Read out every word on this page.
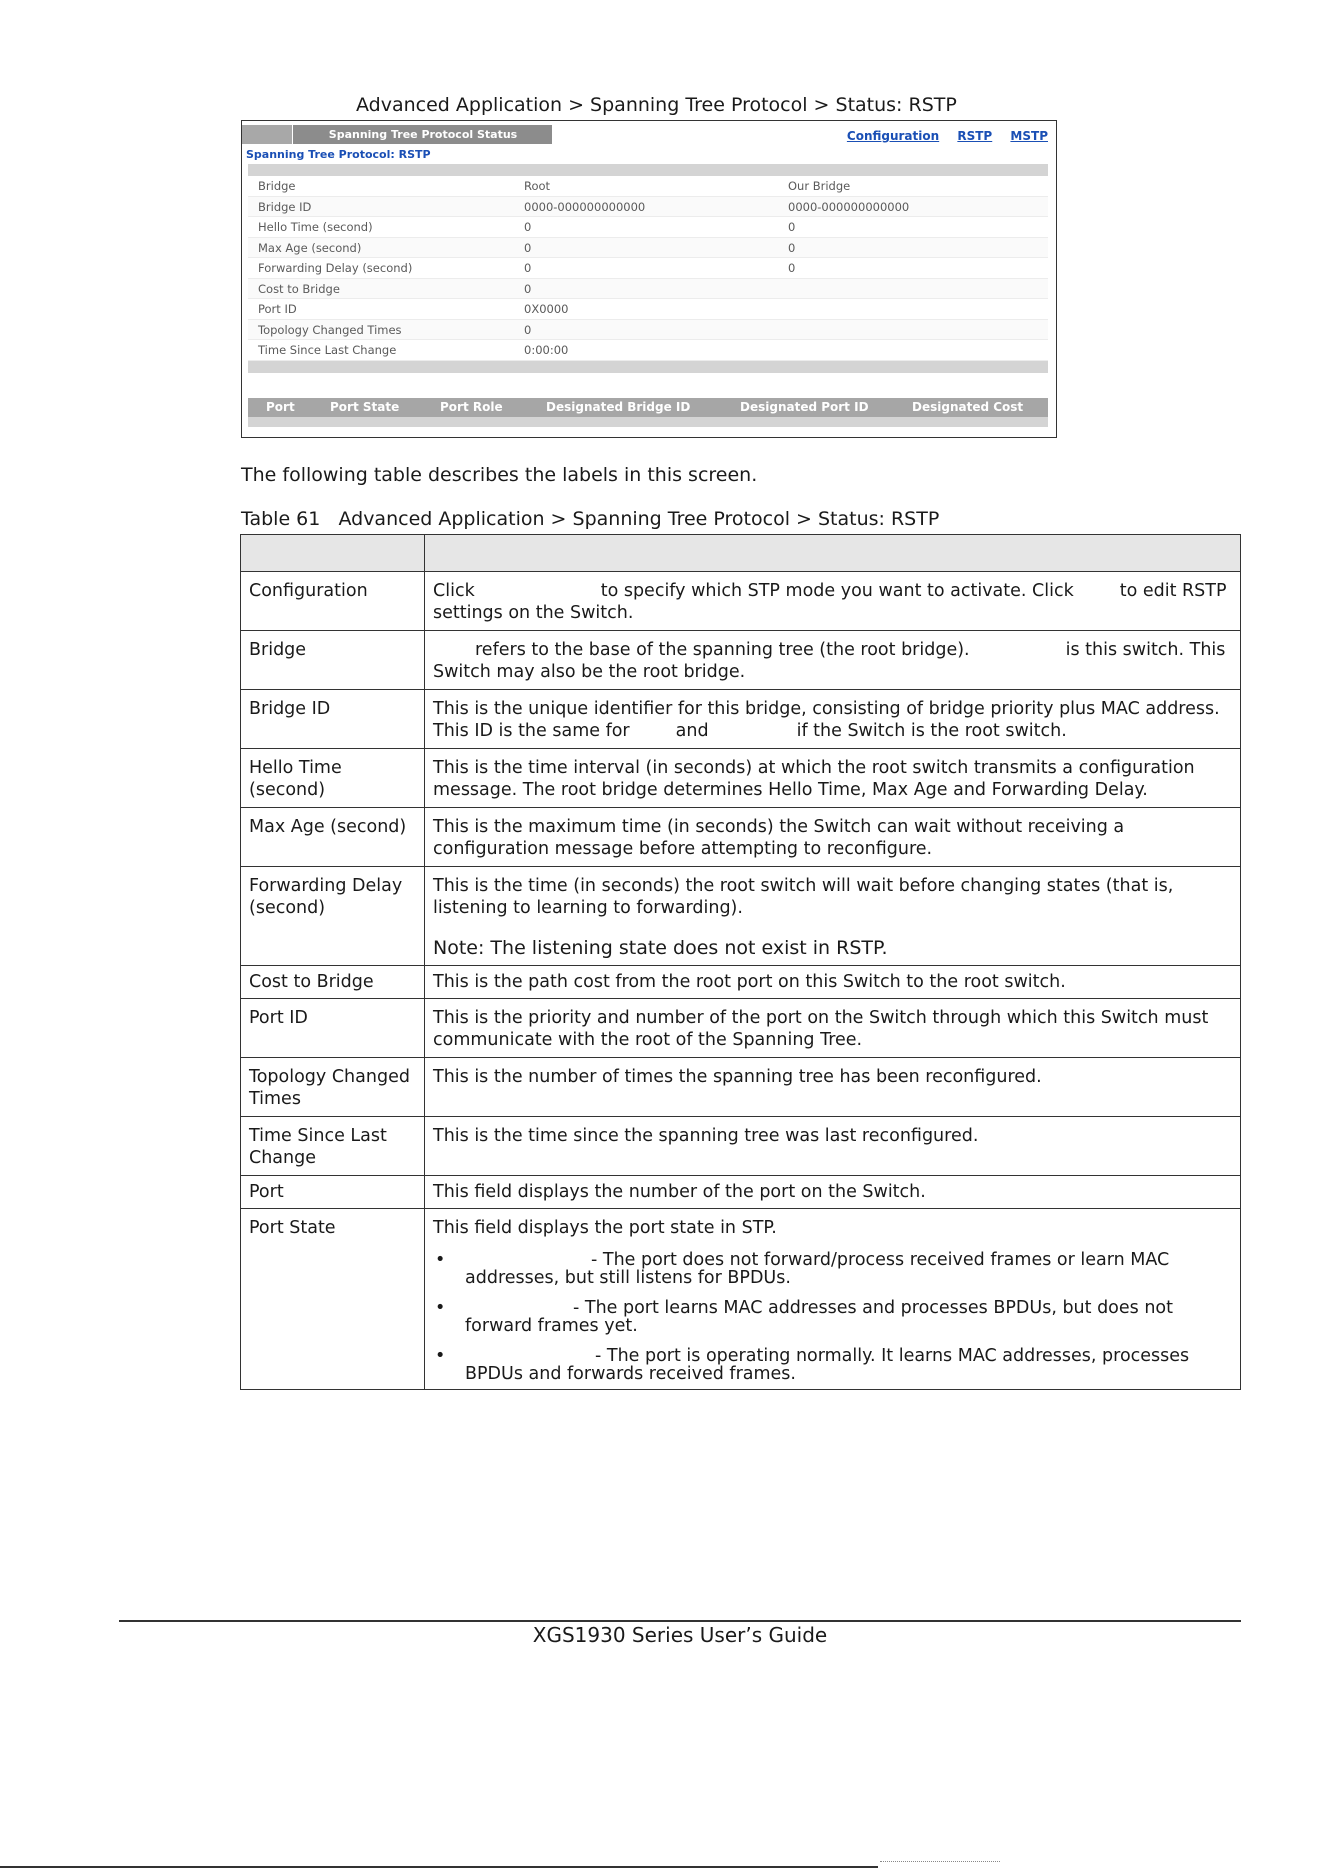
Advanced Application > Spanning Tree Protocol > Status: RSTP
Spanning Tree Protocol Status	Configuration RSTP MSTP
Spanning Tree Protocol: RSTP
Bridge	Root	Our Bridge
Bridge ID	0000-000000000000	0000-000000000000
Hello Time (second)	0	0
Max Age (second)	0	0
Forwarding Delay (second)	0	0
Cost to Bridge	0
Port ID	0X0000
Topology Changed Times	0
Time Since Last Change	0:00:00
Port	Port State	Port Role	Designated Bridge ID	Designated Port ID	Designated Cost
The following table describes the labels in this screen.
Table 61   Advanced Application > Spanning Tree Protocol > Status: RSTP

Configuration	Click to specify which STP mode you want to activate. Click to edit RSTP settings on the Switch.
Bridge	refers to the base of the spanning tree (the root bridge). is this switch. This Switch may also be the root bridge.
Bridge ID	This is the unique identifier for this bridge, consisting of bridge priority plus MAC address. This ID is the same for and if the Switch is the root switch.
Hello Time (second)	This is the time interval (in seconds) at which the root switch transmits a configuration message. The root bridge determines Hello Time, Max Age and Forwarding Delay.
Max Age (second)	This is the maximum time (in seconds) the Switch can wait without receiving a configuration message before attempting to reconfigure.
Forwarding Delay (second)	This is the time (in seconds) the root switch will wait before changing states (that is, listening to learning to forwarding).
Note: The listening state does not exist in RSTP.

Cost to Bridge	This is the path cost from the root port on this Switch to the root switch.
Port ID	This is the priority and number of the port on the Switch through which this Switch must communicate with the root of the Spanning Tree.
Topology Changed Times	This is the number of times the spanning tree has been reconfigured.
Time Since Last Change	This is the time since the spanning tree was last reconfigured.
Port	This field displays the number of the port on the Switch.
Port State	This field displays the port state in STP.
• - The port does not forward/process received frames or learn MAC addresses, but still listens for BPDUs.
• - The port learns MAC addresses and processes BPDUs, but does not forward frames yet.
• - The port is operating normally. It learns MAC addresses, processes BPDUs and forwards received frames.
XGS1930 Series User’s Guide
